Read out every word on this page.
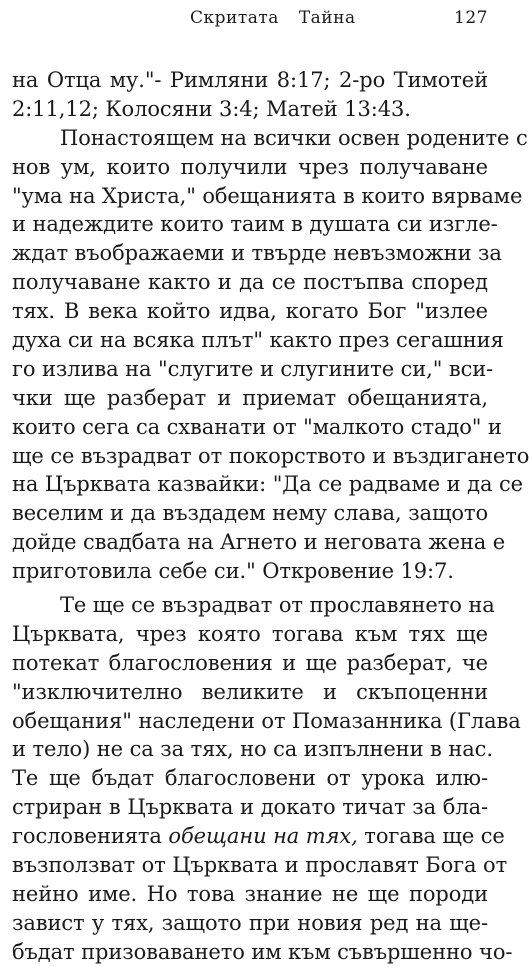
Скритата Тайна	127
на Отца му."- Римляни 8:17; 2-ро Тимотей
2:11,12; Колосяни 3:4; Матей 13:43.
Понастоящем на всички освен родените с
нов ум, които получили чрез получаване
"ума на Христа," обещанията в които вярваме
и надеждите които таим в душата си изгле-
ждат въображаеми и твърде невъзможни за
получаване както и да се постъпва според
тях. В века който идва, когато Бог "излее
духа си на всяка плът" както през сегашния
го излива на "слугите и слугините си," вси-
чки ще разберат и приемат обещанията,
които сега са схванати от "малкото стадо" и
ще се възрадват от покорството и въздигането
на Църквата казвайки: "Да се радваме и да се
веселим и да въздадем нему слава, защото
дойде свадбата на Агнето и неговата жена е
приготовила себе си." Откровение 19:7.
Те ще се възрадват от прославянето на
Църквата, чрез която тогава към тях ще
потекат благословения и ще разберат, че
"изключително великите и скъпоценни
обещания" наследени от Помазанника (Глава
и тело) не са за тях, но са изпълнени в нас.
Те ще бъдат благословени от урока илю-
стриран в Църквата и докато тичат за бла-
гословенията обещани на тях, тогава ще се
възползват от Църквата и прославят Бога от
нейно име. Но това знание не ще породи
завист у тях, защото при новия ред на ще-
бъдат призоваването им към съвършенно чо-
